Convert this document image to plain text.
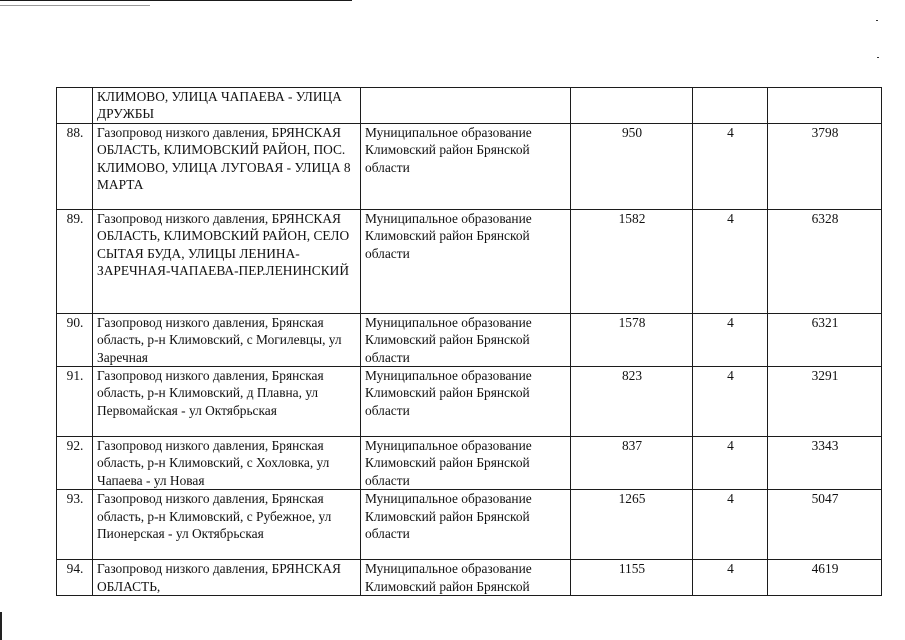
	КЛИМОВО, УЛИЦА ЧАПАЕВА - УЛИЦА ДРУЖБЫ				
88.	Газопровод низкого давления, БРЯНСКАЯ ОБЛАСТЬ, КЛИМОВСКИЙ РАЙОН, ПОС. КЛИМОВО, УЛИЦА ЛУГОВАЯ - УЛИЦА 8 МАРТА	Муниципальное образование Климовский район Брянской области	950	4	3798
89.	Газопровод низкого давления, БРЯНСКАЯ ОБЛАСТЬ, КЛИМОВСКИЙ РАЙОН, СЕЛО СЫТАЯ БУДА, УЛИЦЫ ЛЕНИНА-ЗАРЕЧНАЯ-ЧАПАЕВА-ПЕР.ЛЕНИНСКИЙ	Муниципальное образование Климовский район Брянской области	1582	4	6328
90.	Газопровод низкого давления, Брянская область, р-н Климовский, с Могилевцы, ул Заречная	Муниципальное образование Климовский район Брянской области	1578	4	6321
91.	Газопровод низкого давления, Брянская область, р-н Климовский, д Плавна, ул Первомайская - ул Октябрьская	Муниципальное образование Климовский район Брянской области	823	4	3291
92.	Газопровод низкого давления, Брянская область, р-н Климовский, с Хохловка, ул Чапаева - ул Новая	Муниципальное образование Климовский район Брянской области	837	4	3343
93.	Газопровод низкого давления, Брянская область, р-н Климовский, с Рубежное, ул Пионерская - ул Октябрьская	Муниципальное образование Климовский район Брянской области	1265	4	5047
94.	Газопровод низкого давления, БРЯНСКАЯ ОБЛАСТЬ,	Муниципальное образование Климовский район Брянской	1155	4	4619
